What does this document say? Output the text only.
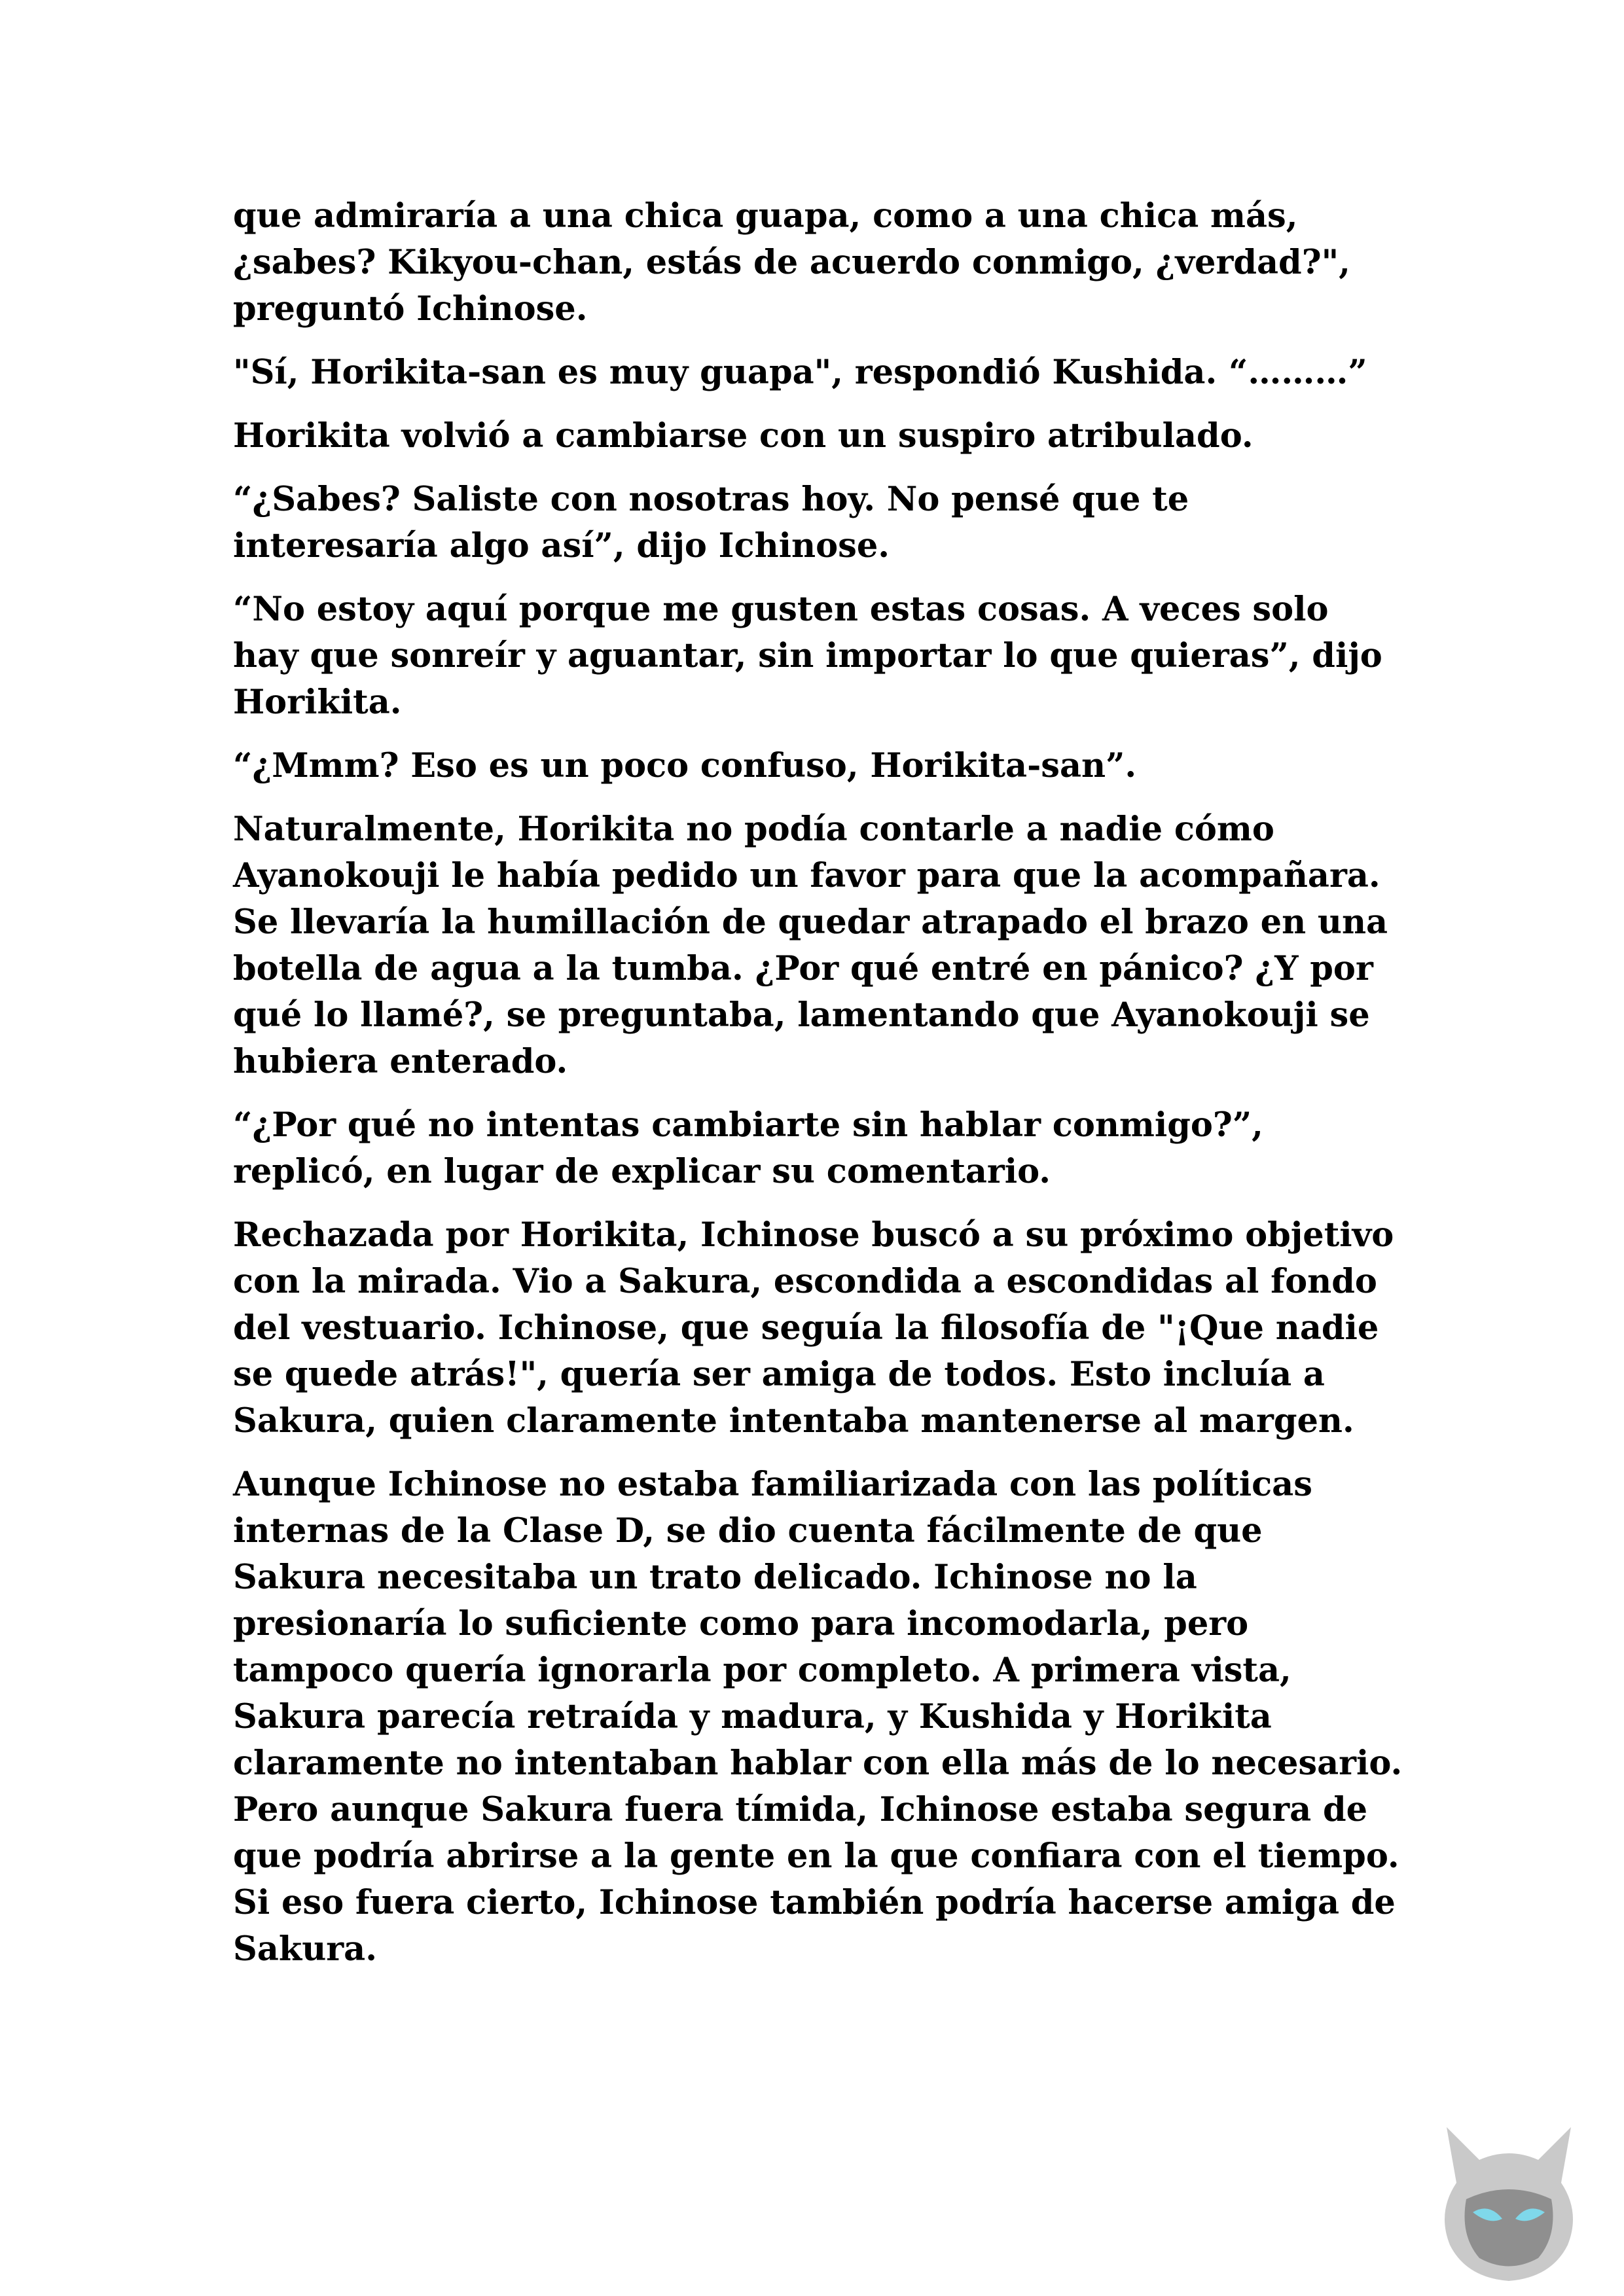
que admiraría a una chica guapa, como a una chica más, ¿sabes? Kikyou-chan, estás de acuerdo conmigo, ¿verdad?", preguntó Ichinose.

"Sí, Horikita-san es muy guapa", respondió Kushida. “………”

Horikita volvió a cambiarse con un suspiro atribulado.

“¿Sabes? Saliste con nosotras hoy. No pensé que te interesaría algo así”, dijo Ichinose.

“No estoy aquí porque me gusten estas cosas. A veces solo hay que sonreír y aguantar, sin importar lo que quieras”, dijo Horikita.

“¿Mmm? Eso es un poco confuso, Horikita-san”.

Naturalmente, Horikita no podía contarle a nadie cómo Ayanokouji le había pedido un favor para que la acompañara. Se llevaría la humillación de quedar atrapado el brazo en una botella de agua a la tumba. ¿Por qué entré en pánico? ¿Y por qué lo llamé?, se preguntaba, lamentando que Ayanokouji se hubiera enterado.

“¿Por qué no intentas cambiarte sin hablar conmigo?”, replicó, en lugar de explicar su comentario.

Rechazada por Horikita, Ichinose buscó a su próximo objetivo con la mirada. Vio a Sakura, escondida a escondidas al fondo del vestuario. Ichinose, que seguía la filosofía de "¡Que nadie se quede atrás!", quería ser amiga de todos. Esto incluía a Sakura, quien claramente intentaba mantenerse al margen.

Aunque Ichinose no estaba familiarizada con las políticas internas de la Clase D, se dio cuenta fácilmente de que Sakura necesitaba un trato delicado. Ichinose no la presionaría lo suficiente como para incomodarla, pero tampoco quería ignorarla por completo. A primera vista, Sakura parecía retraída y madura, y Kushida y Horikita claramente no intentaban hablar con ella más de lo necesario. Pero aunque Sakura fuera tímida, Ichinose estaba segura de que podría abrirse a la gente en la que confiara con el tiempo. Si eso fuera cierto, Ichinose también podría hacerse amiga de Sakura.
